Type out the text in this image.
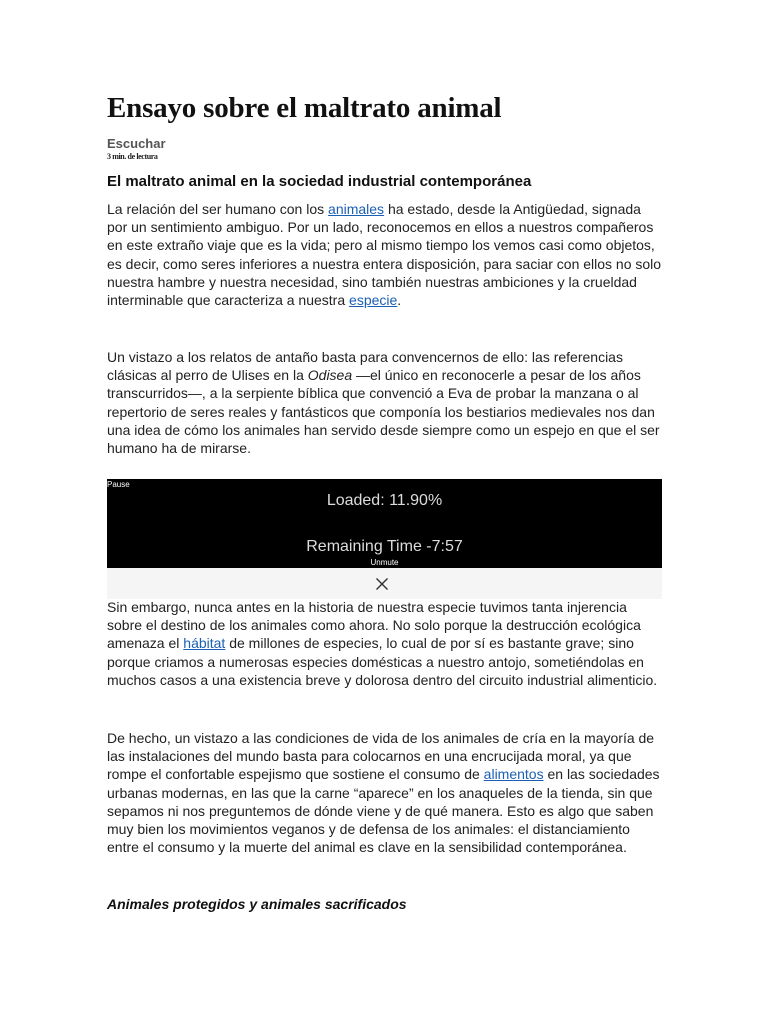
Ensayo sobre el maltrato animal
Escuchar
3 min. de lectura
El maltrato animal en la sociedad industrial contemporánea

La relación del ser humano con los animales ha estado, desde la Antigüedad, signada por un sentimiento ambiguo. Por un lado, reconocemos en ellos a nuestros compañeros en este extraño viaje que es la vida; pero al mismo tiempo los vemos casi como objetos, es decir, como seres inferiores a nuestra entera disposición, para saciar con ellos no solo nuestra hambre y nuestra necesidad, sino también nuestras ambiciones y la crueldad interminable que caracteriza a nuestra especie.

Un vistazo a los relatos de antaño basta para convencernos de ello: las referencias clásicas al perro de Ulises en la Odisea —el único en reconocerle a pesar de los años transcurridos—, a la serpiente bíblica que convenció a Eva de probar la manzana o al repertorio de seres reales y fantásticos que componía los bestiarios medievales nos dan una idea de cómo los animales han servido desde siempre como un espejo en que el ser humano ha de mirarse.

Pause
Loaded: 11.90%
Remaining Time -7:57
Unmute

Sin embargo, nunca antes en la historia de nuestra especie tuvimos tanta injerencia sobre el destino de los animales como ahora. No solo porque la destrucción ecológica amenaza el hábitat de millones de especies, lo cual de por sí es bastante grave; sino porque criamos a numerosas especies domésticas a nuestro antojo, sometiéndolas en muchos casos a una existencia breve y dolorosa dentro del circuito industrial alimenticio.

De hecho, un vistazo a las condiciones de vida de los animales de cría en la mayoría de las instalaciones del mundo basta para colocarnos en una encrucijada moral, ya que rompe el confortable espejismo que sostiene el consumo de alimentos en las sociedades urbanas modernas, en las que la carne “aparece” en los anaqueles de la tienda, sin que sepamos ni nos preguntemos de dónde viene y de qué manera. Esto es algo que saben muy bien los movimientos veganos y de defensa de los animales: el distanciamiento entre el consumo y la muerte del animal es clave en la sensibilidad contemporánea.

Animales protegidos y animales sacrificados
